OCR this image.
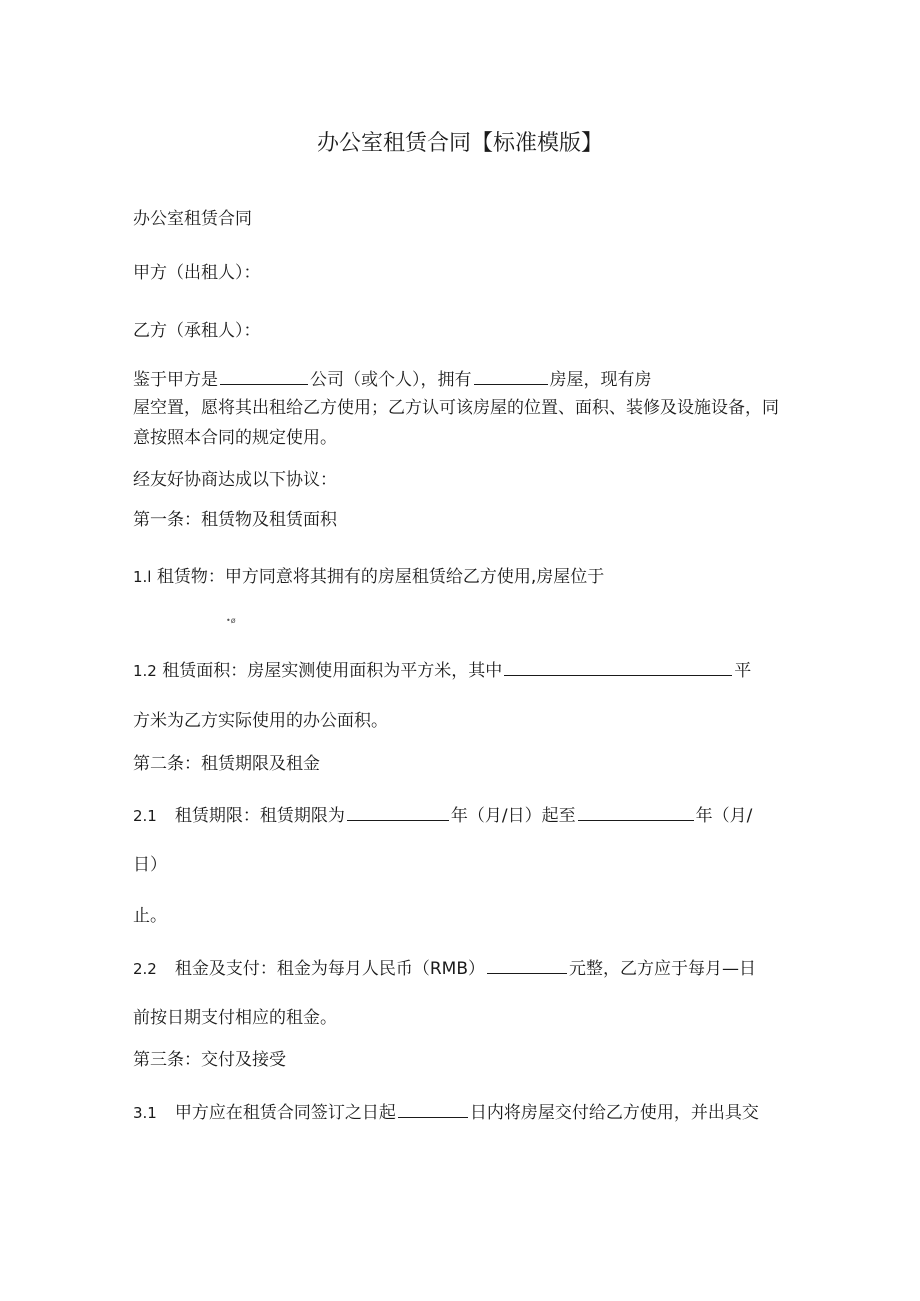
办公室租赁合同【标准模版】
办公室租赁合同
甲方（出租人）：
乙方（承租人）：
鉴于甲方是	公司（或个人），拥有	房屋，现有房
屋空置，愿将其出租给乙方使用；乙方认可该房屋的位置、面积、装修及设施设备，同
意按照本合同的规定使用。
经友好协商达成以下协议：
第一条：租赁物及租赁面积
1.l 租赁物：甲方同意将其拥有的房屋租赁给乙方使用,房屋位于
•ø
1.2 租赁面积：房屋实测使用面积为平方米，其中	平
方米为乙方实际使用的办公面积。
第二条：租赁期限及租金
2.1 租赁期限：租赁期限为	年（月/日）起至	年（月/
日）
止。
2.2 租金及支付：租金为每月人民币（RMB）	元整，乙方应于每月—日
前按日期支付相应的租金。
第三条：交付及接受
3.1 甲方应在租赁合同签订之日起	日内将房屋交付给乙方使用，并出具交
